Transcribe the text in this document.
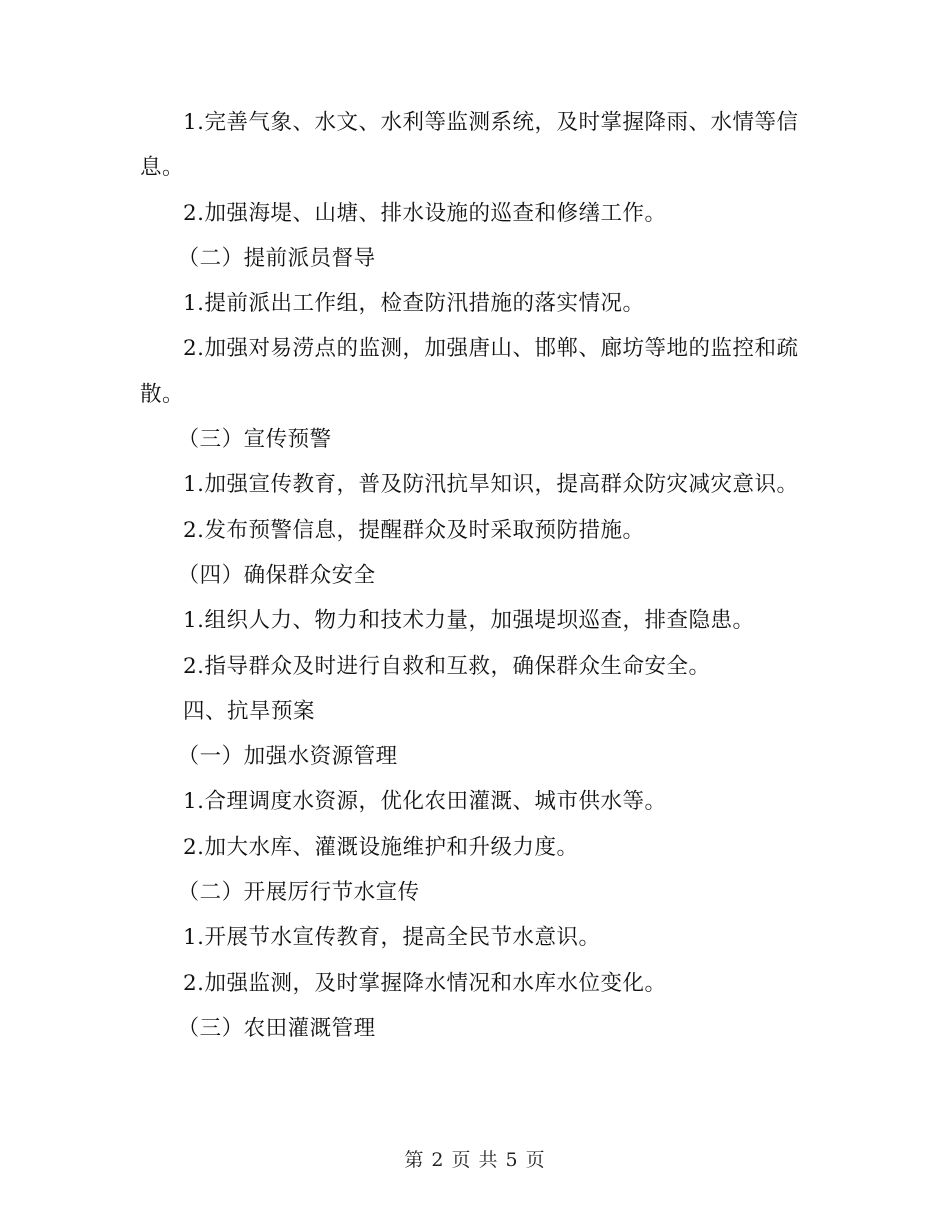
1.完善气象、水文、水利等监测系统，及时掌握降雨、水情等信息。

2.加强海堤、山塘、排水设施的巡查和修缮工作。

（二）提前派员督导

1.提前派出工作组，检查防汛措施的落实情况。

2.加强对易涝点的监测，加强唐山、邯郸、廊坊等地的监控和疏散。

（三）宣传预警

1.加强宣传教育，普及防汛抗旱知识，提高群众防灾减灾意识。

2.发布预警信息，提醒群众及时采取预防措施。

（四）确保群众安全

1.组织人力、物力和技术力量，加强堤坝巡查，排查隐患。

2.指导群众及时进行自救和互救，确保群众生命安全。

四、抗旱预案

（一）加强水资源管理

1.合理调度水资源，优化农田灌溉、城市供水等。

2.加大水库、灌溉设施维护和升级力度。

（二）开展厉行节水宣传

1.开展节水宣传教育，提高全民节水意识。

2.加强监测，及时掌握降水情况和水库水位变化。

（三）农田灌溉管理

第 2 页 共 5 页
